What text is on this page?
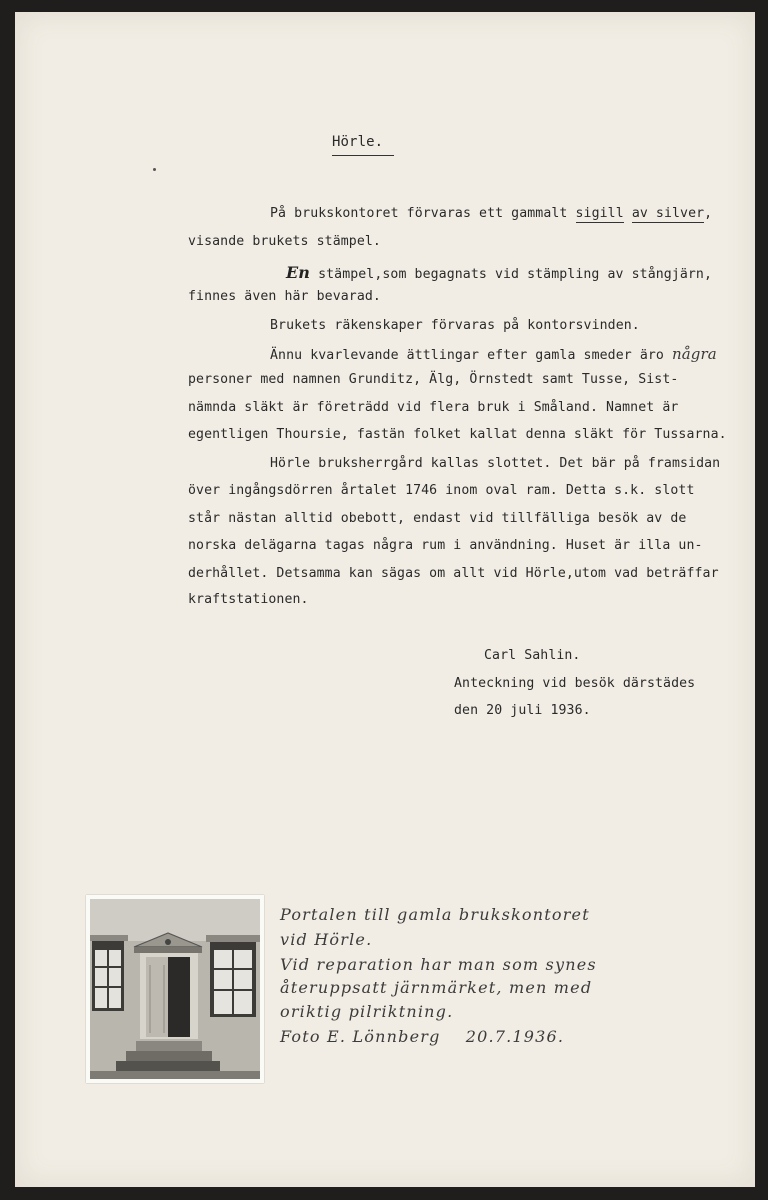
Hörle.
På brukskontoret förvaras ett gammalt sigill av silver,
visande brukets stämpel.
En stämpel,som begagnats vid stämpling av stångjärn,
finnes även här bevarad.
Brukets räkenskaper förvaras på kontorsvinden.
Ännu kvarlevande ättlingar efter gamla smeder äro några
personer med namnen Grunditz, Älg, Örnstedt samt Tusse, Sist-
nämnda släkt är företrädd vid flera bruk i Småland. Namnet är
egentligen Thoursie, fastän folket kallat denna släkt för Tussarna.
Hörle bruksherrgård kallas slottet. Det bär på framsidan
över ingångsdörren årtalet 1746 inom oval ram. Detta s.k. slott
står nästan alltid obebott, endast vid tillfälliga besök av de
norska delägarna tagas några rum i användning. Huset är illa un-
derhållet. Detsamma kan sägas om allt vid Hörle,utom vad beträffar
kraftstationen.
Carl Sahlin.
Anteckning vid besök därstädes
den 20 juli 1936.
Portalen till gamla brukskontoret
vid Hörle.
Vid reparation har man som synes
återuppsatt järnmärket, men med
oriktig pilriktning.
Foto E. Lönnberg 20.7.1936.
